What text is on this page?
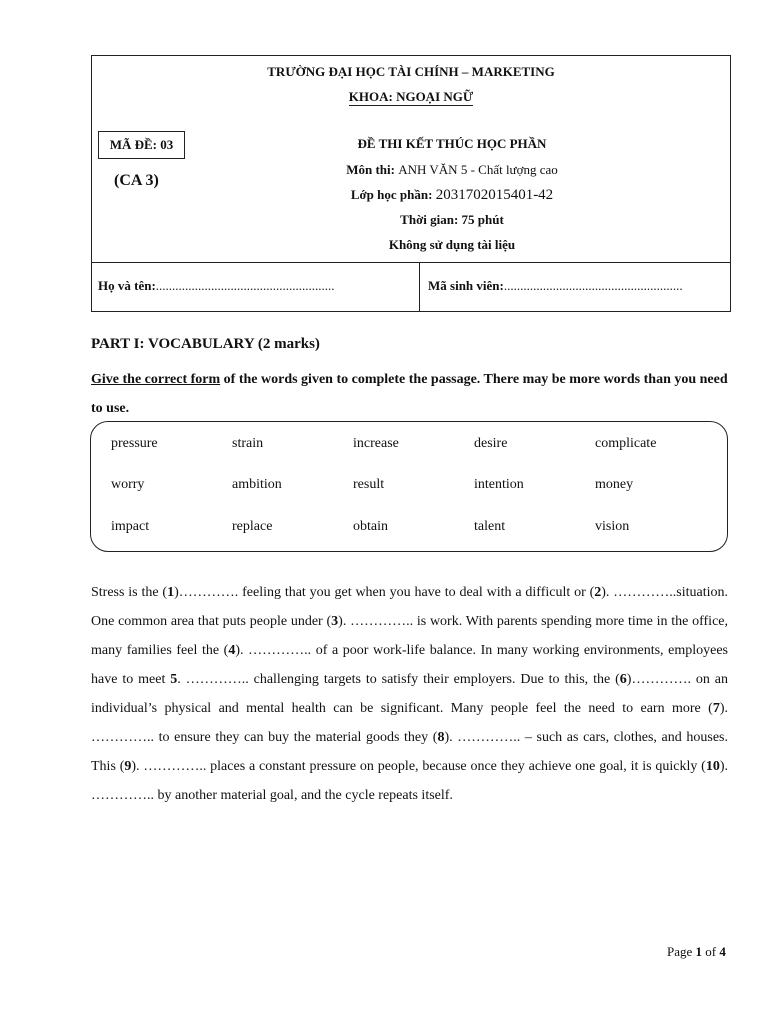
TRƯỜNG ĐẠI HỌC TÀI CHÍNH – MARKETING
KHOA: NGOẠI NGỮ
MÃ ĐỀ: 03
(CA 3)
ĐỀ THI KẾT THÚC HỌC PHẦN
Môn thi: ANH VĂN 5 - Chất lượng cao
Lớp học phần: 2031702015401-42
Thời gian: 75 phút
Không sử dụng tài liệu
Họ và tên:.......................................................	Mã sinh viên:.......................................................
PART I: VOCABULARY (2 marks)
Give the correct form of the words given to complete the passage. There may be more words than you need to use.
pressure	strain	increase	desire	complicate
worry	ambition	result	intention	money
impact	replace	obtain	talent	vision
Stress is the (1)…………. feeling that you get when you have to deal with a difficult or (2). …………..situation. One common area that puts people under (3). ………….. is work. With parents spending more time in the office, many families feel the (4). ………….. of a poor work-life balance. In many working environments, employees have to meet 5. ………….. challenging targets to satisfy their employers. Due to this, the (6)…………. on an individual’s physical and mental health can be significant. Many people feel the need to earn more (7). ………….. to ensure they can buy the material goods they (8). ………….. – such as cars, clothes, and houses. This (9). ………….. places a constant pressure on people, because once they achieve one goal, it is quickly (10). ………….. by another material goal, and the cycle repeats itself.
Page 1 of 4
